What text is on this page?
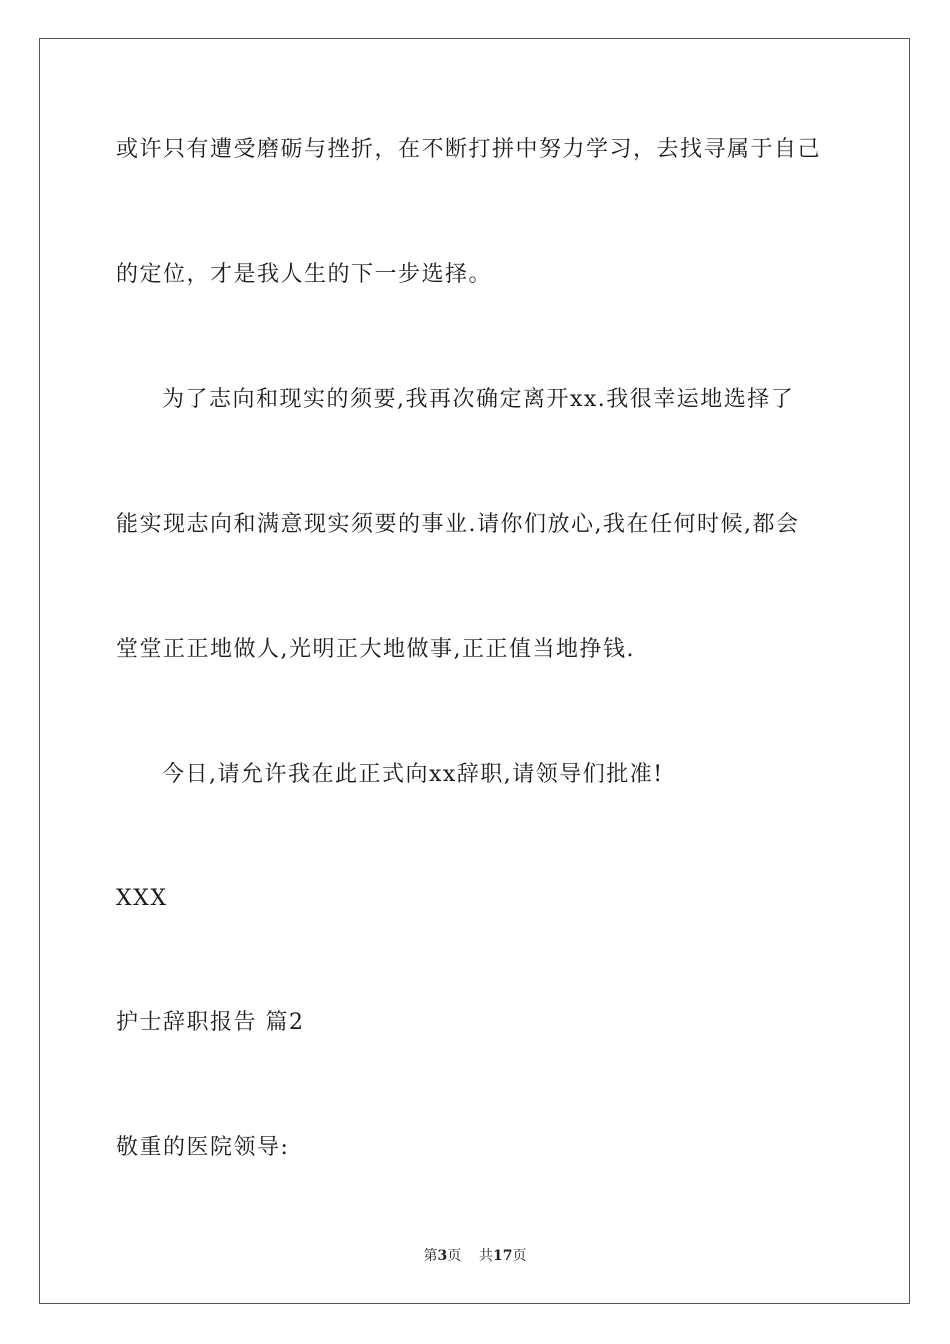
或许只有遭受磨砺与挫折，在不断打拼中努力学习，去找寻属于自己
的定位，才是我人生的下一步选择。
为了志向和现实的须要,我再次确定离开xx.我很幸运地选择了
能实现志向和满意现实须要的事业.请你们放心,我在任何时候,都会
堂堂正正地做人,光明正大地做事,正正值当地挣钱.
今日,请允许我在此正式向xx辞职,请领导们批准!
XXX
护士辞职报告 篇2
敬重的医院领导:
第3页 共17页
